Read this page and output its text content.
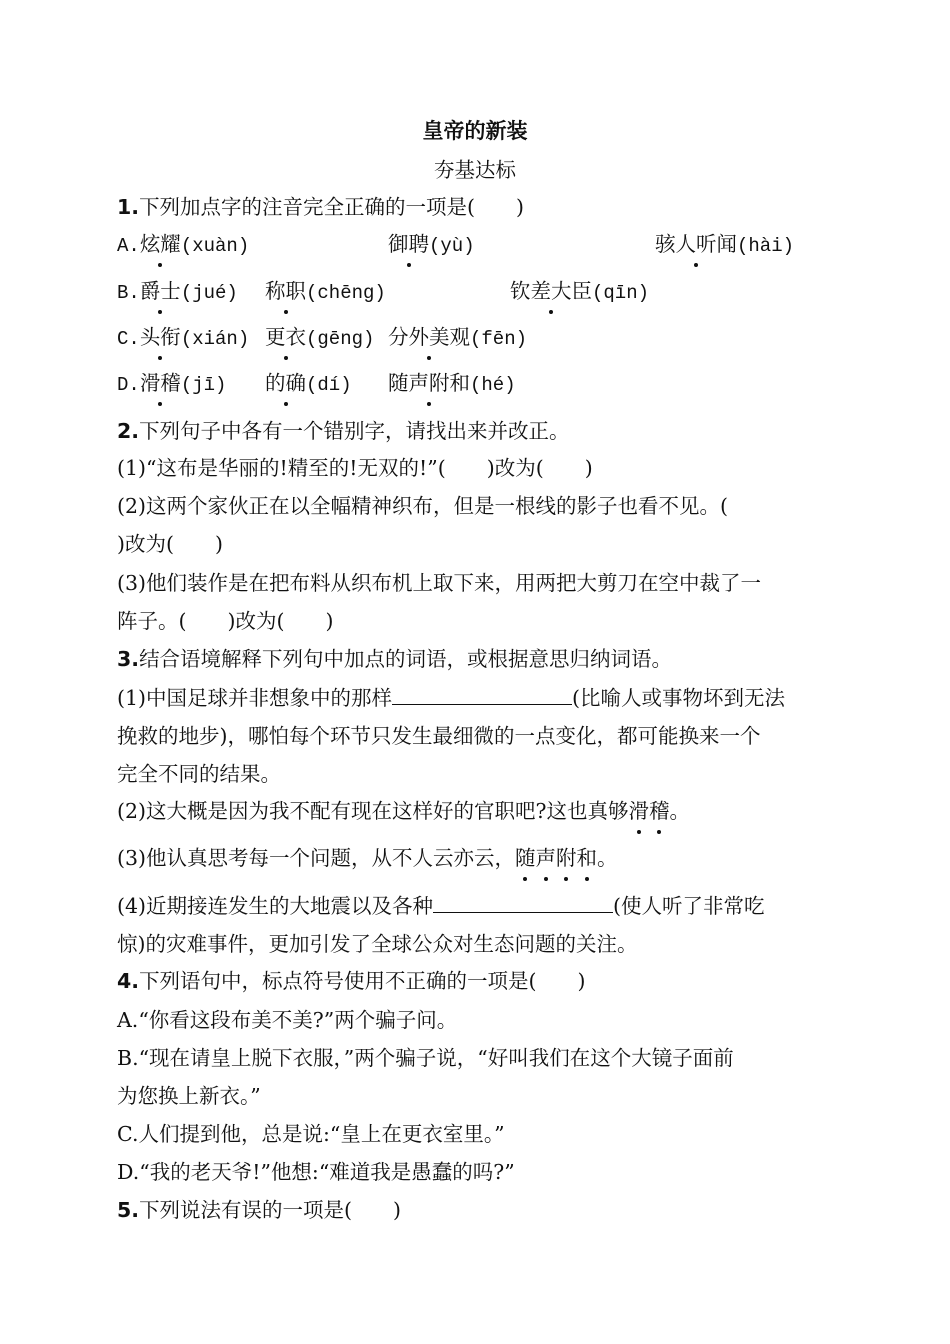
皇帝的新装
夯基达标
1.下列加点字的注音完全正确的一项是(　　)
A.炫耀(xuàn)	御聘(yù)	骇人听闻(hài)
B.爵士(jué) 称职(chēng)	钦差大臣(qīn)
C.头衔(xián) 更衣(gēng) 分外美观(fēn)
D.滑稽(jī) 的确(dí) 随声附和(hé)
2.下列句子中各有一个错别字，请找出来并改正。
(1)“这布是华丽的!精至的!无双的!”(　　)改为(　　)
(2)这两个家伙正在以全幅精神织布，但是一根线的影子也看不见。(
)改为(　　)
(3)他们装作是在把布料从织布机上取下来，用两把大剪刀在空中裁了一
阵子。(　　)改为(　　)
3.结合语境解释下列句中加点的词语，或根据意思归纳词语。
(1)中国足球并非想象中的那样	(比喻人或事物坏到无法
挽救的地步)，哪怕每个环节只发生最细微的一点变化，都可能换来一个
完全不同的结果。
(2)这大概是因为我不配有现在这样好的官职吧?这也真够滑稽。
(3)他认真思考每一个问题，从不人云亦云，随声附和。
(4)近期接连发生的大地震以及各种	(使人听了非常吃
惊)的灾难事件，更加引发了全球公众对生态问题的关注。
4.下列语句中，标点符号使用不正确的一项是(　　)
A.“你看这段布美不美?”两个骗子问。
B.“现在请皇上脱下衣服，”两个骗子说，“好叫我们在这个大镜子面前
为您换上新衣。”
C.人们提到他，总是说:“皇上在更衣室里。”
D.“我的老天爷!”他想:“难道我是愚蠢的吗?”
5.下列说法有误的一项是(　　)
